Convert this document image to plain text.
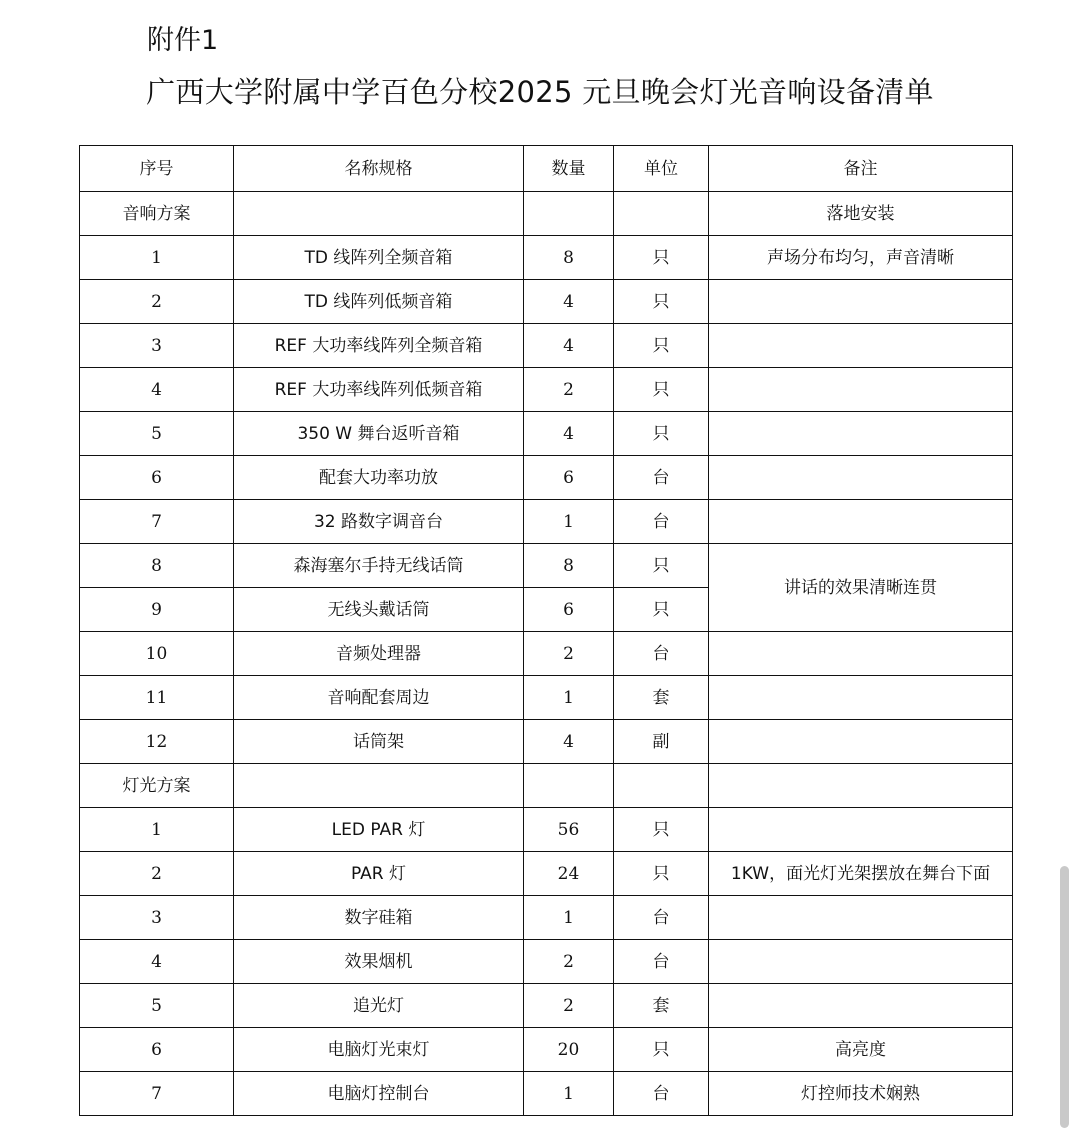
附件1
广西大学附属中学百色分校2025 元旦晚会灯光音响设备清单
序号	名称规格	数量	单位	备注
音响方案				落地安装
1	TD 线阵列全频音箱	8	只	声场分布均匀，声音清晰
2	TD 线阵列低频音箱	4	只	
3	REF 大功率线阵列全频音箱	4	只	
4	REF 大功率线阵列低频音箱	2	只	
5	350 W 舞台返听音箱	4	只	
6	配套大功率功放	6	台	
7	32 路数字调音台	1	台	
8	森海塞尔手持无线话筒	8	只	讲话的效果清晰连贯
9	无线头戴话筒	6	只	
10	音频处理器	2	台	
11	音响配套周边	1	套	
12	话筒架	4	副	
灯光方案				
1	LED PAR 灯	56	只	
2	PAR 灯	24	只	1KW，面光灯光架摆放在舞台下面
3	数字硅箱	1	台	
4	效果烟机	2	台	
5	追光灯	2	套	
6	电脑灯光束灯	20	只	高亮度
7	电脑灯控制台	1	台	灯控师技术娴熟
